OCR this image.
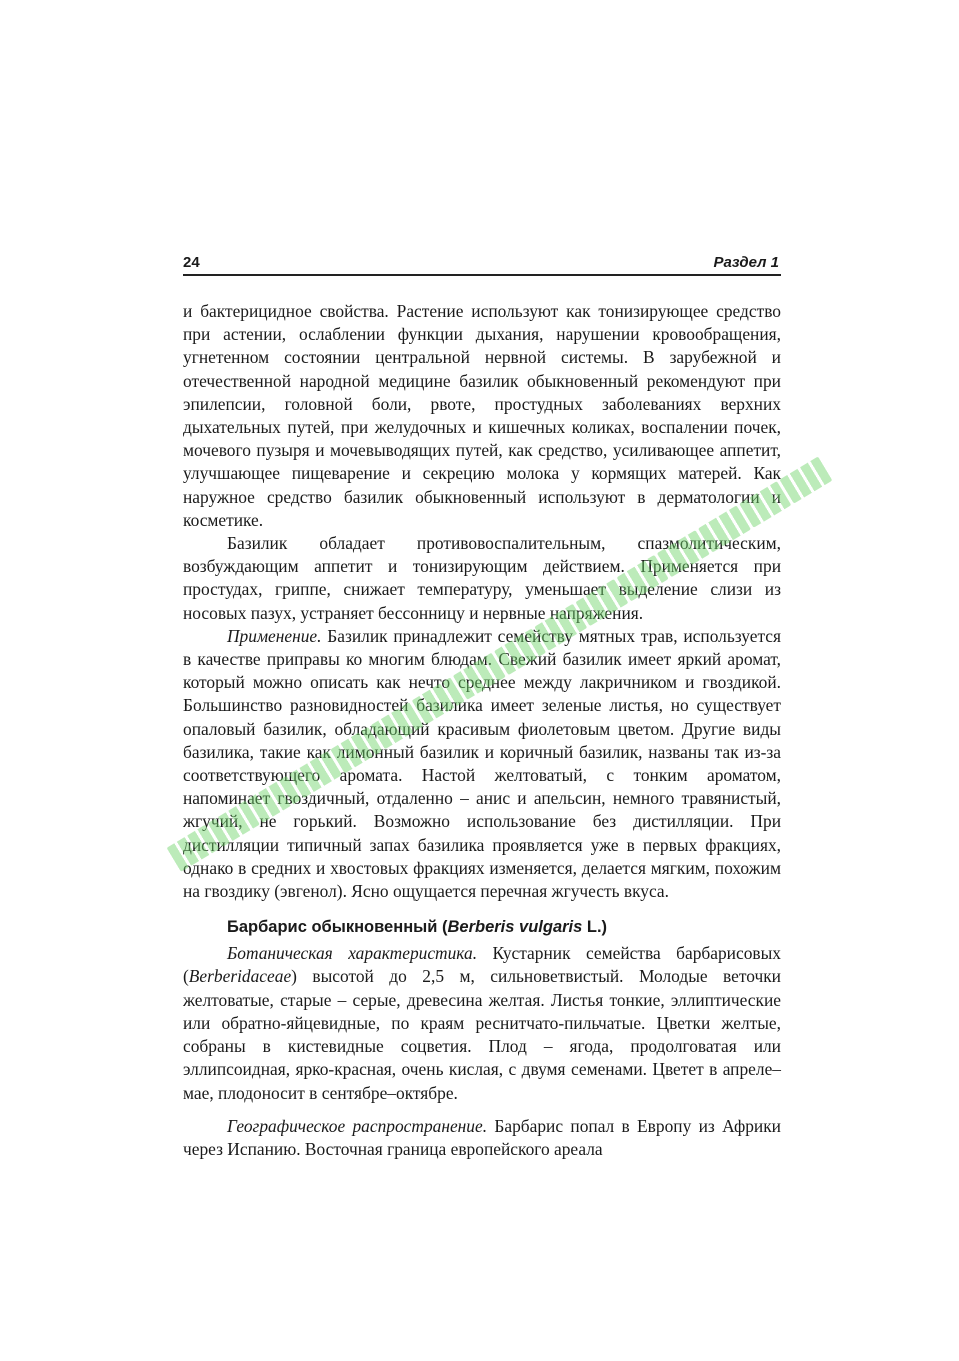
24	Раздел 1

и бактерицидное свойства. Растение используют как тонизирующее средство при астении, ослаблении функции дыхания, нарушении кровообращения, угнетенном состоянии центральной нервной системы. В зарубежной и отечественной народной медицине базилик обыкновенный рекомендуют при эпилепсии, головной боли, рвоте, простудных заболеваниях верхних дыхательных путей, при желудочных и кишечных коликах, воспалении почек, мочевого пузыря и мочевыводящих путей, как средство, усиливающее аппетит, улучшающее пищеварение и секрецию молока у кормящих матерей. Как наружное средство базилик обыкновенный используют в дерматологии и косметике.

Базилик обладает противовоспалительным, спазмолитическим, возбуждающим аппетит и тонизирующим действием. Применяется при простудах, гриппе, снижает температуру, уменьшает выделение слизи из носовых пазух, устраняет бессонницу и нервные напряжения.

Применение. Базилик принадлежит семейству мятных трав, используется в качестве приправы ко многим блюдам. Свежий базилик имеет яркий аромат, который можно описать как нечто среднее между лакричником и гвоздикой. Большинство разновидностей базилика имеет зеленые листья, но существует опаловый базилик, обладающий красивым фиолетовым цветом. Другие виды базилика, такие как лимонный базилик и коричный базилик, названы так из-за соответствующего аромата. Настой желтоватый, с тонким ароматом, напоминает гвоздичный, отдаленно – анис и апельсин, немного травянистый, жгучий, не горький. Возможно использование без дистилляции. При дистилляции типичный запах базилика проявляется уже в первых фракциях, однако в средних и хвостовых фракциях изменяется, делается мягким, похожим на гвоздику (эвгенол). Ясно ощущается перечная жгучесть вкуса.

Барбарис обыкновенный (Berberis vulgaris L.)

Ботаническая характеристика. Кустарник семейства барбарисовых (Berberidaceae) высотой до 2,5 м, сильноветвистый. Молодые веточки желтоватые, старые – серые, древесина желтая. Листья тонкие, эллиптические или обратно-яйцевидные, по краям реснитчато-пильчатые. Цветки желтые, собраны в кистевидные соцветия. Плод – ягода, продолговатая или эллипсоидная, ярко-красная, очень кислая, с двумя семенами. Цветет в апреле–мае, плодоносит в сентябре–октябре.

Географическое распространение. Барбарис попал в Европу из Африки через Испанию. Восточная граница европейского ареала
